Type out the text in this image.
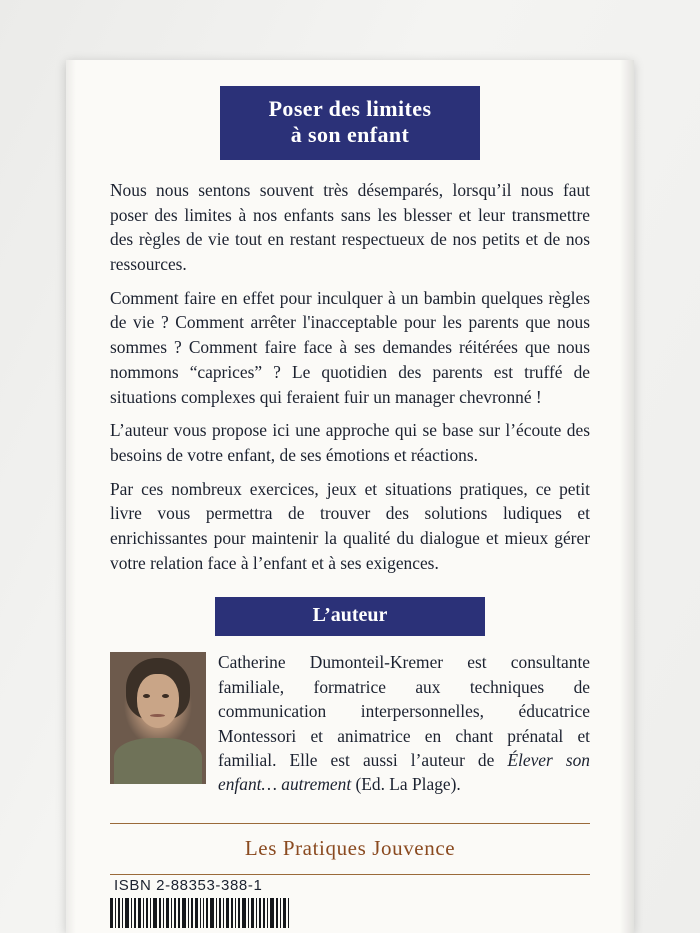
Poser des limites
à son enfant

Nous nous sentons souvent très désemparés, lorsqu’il nous faut poser des limites à nos enfants sans les blesser et leur transmettre des règles de vie tout en restant respectueux de nos petits et de nos ressources.

Comment faire en effet pour inculquer à un bambin quelques règles de vie ? Comment arrêter l'inacceptable pour les parents que nous sommes ? Comment faire face à ses demandes réitérées que nous nommons “caprices” ? Le quotidien des parents est truffé de situations complexes qui feraient fuir un manager chevronné !

L’auteur vous propose ici une approche qui se base sur l’écoute des besoins de votre enfant, de ses émotions et réactions.

Par ces nombreux exercices, jeux et situations pratiques, ce petit livre vous permettra de trouver des solutions ludiques et enrichissantes pour maintenir la qualité du dialogue et mieux gérer votre relation face à l’enfant et à ses exigences.

L’auteur
Catherine Dumonteil-Kremer est consultante familiale, formatrice aux techniques de communication interpersonnelles, éducatrice Montessori et animatrice en chant prénatal et familial. Elle est aussi l’auteur de Élever son enfant… autrement (Ed. La Plage).
Les Pratiques Jouvence
ISBN 2-88353-388-1
